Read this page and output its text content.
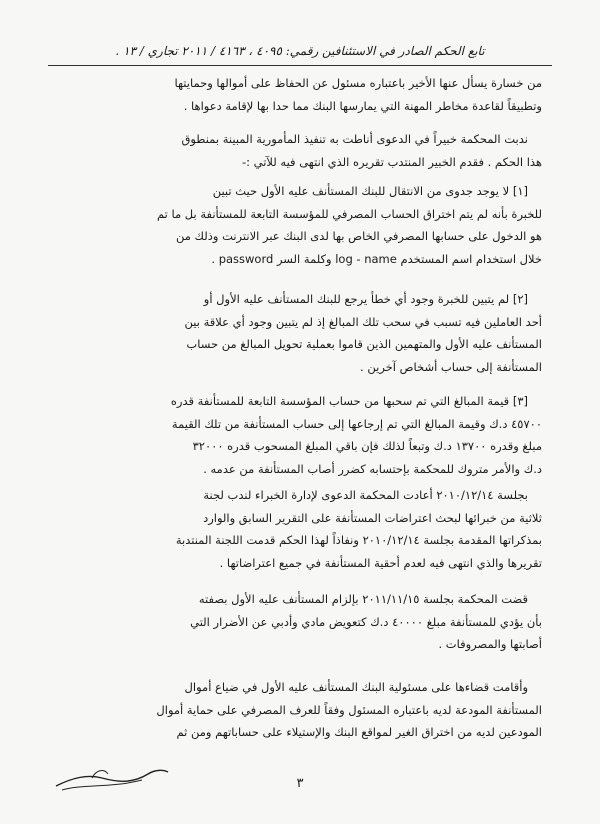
تابع الحكم الصادر في الاستئنافين رقمي: ٤٠٩٥ ، ٤١٦٣ / ٢٠١١ تجاري / ١٣ .

من خسارة يسأل عنها الأخير باعتباره مسئول عن الحفاظ على أموالها وحمايتها

وتطبيقاً لقاعدة مخاطر المهنة التي يمارسها البنك مما حدا بها لإقامة دعواها .

ندبت المحكمة خبيراً في الدعوى أناطت به تنفيذ المأمورية المبينة بمنطوق

هذا الحكم . فقدم الخبير المنتدب تقريره الذي انتهى فيه للآتي :-

[١] لا يوجد جدوى من الانتقال للبنك المستأنف عليه الأول حيث تبين

للخبرة بأنه لم يتم اختراق الحساب المصرفي للمؤسسة التابعة للمستأنفة بل ما تم

هو الدخول على حسابها المصرفي الخاص بها لدى البنك عبر الانترنت وذلك من

خلال استخدام اسم المستخدم log - name وكلمة السر password .

[٢] لم يتبين للخبرة وجود أي خطأ يرجع للبنك المستأنف عليه الأول أو

أحد العاملين فيه تسبب في سحب تلك المبالغ إذ لم يتبين وجود أي علاقة بين

المستأنف عليه الأول والمتهمين الذين قاموا بعملية تحويل المبالغ من حساب

المستأنفة إلى حساب أشخاص آخرين .

[٣] قيمة المبالغ التي تم سحبها من حساب المؤسسة التابعة للمستأنفة قدره

٤٥٧٠٠ د.ك وقيمة المبالغ التي تم إرجاعها إلى حساب المستأنفة من تلك القيمة

مبلغ وقدره ١٣٧٠٠ د.ك وتبعاً لذلك فإن باقي المبلغ المسحوب قدره ٣٢٠٠٠

د.ك والأمر متروك للمحكمة بإحتسابه كضرر أصاب المستأنفة من عدمه .

بجلسة ٢٠١٠/١٢/١٤ أعادت المحكمة الدعوى لإدارة الخبراء لندب لجنة

ثلاثية من خبرائها لبحث اعتراضات المستأنفة على التقرير السابق والوارد

بمذكراتها المقدمة بجلسة ٢٠١٠/١٢/١٤ ونفاذاً لهذا الحكم قدمت اللجنة المنتدبة

تقريرها والذي انتهى فيه لعدم أحقية المستأنفة في جميع اعتراضاتها .

قضت المحكمة بجلسة ٢٠١١/١١/١٥ بإلزام المستأنف عليه الأول بصفته

بأن يؤدي للمستأنفة مبلغ ٤٠٠٠٠ د.ك كتعويض مادي وأدبي عن الأضرار التي

أصابتها والمصروفات .

وأقامت قضاءها على مسئولية البنك المستأنف عليه الأول في ضياع أموال

المستأنفة المودعة لديه باعتباره المسئول وفقاً للعرف المصرفي على حماية أموال

المودعين لديه من اختراق الغير لمواقع البنك والإستيلاء على حساباتهم ومن ثم

٣
